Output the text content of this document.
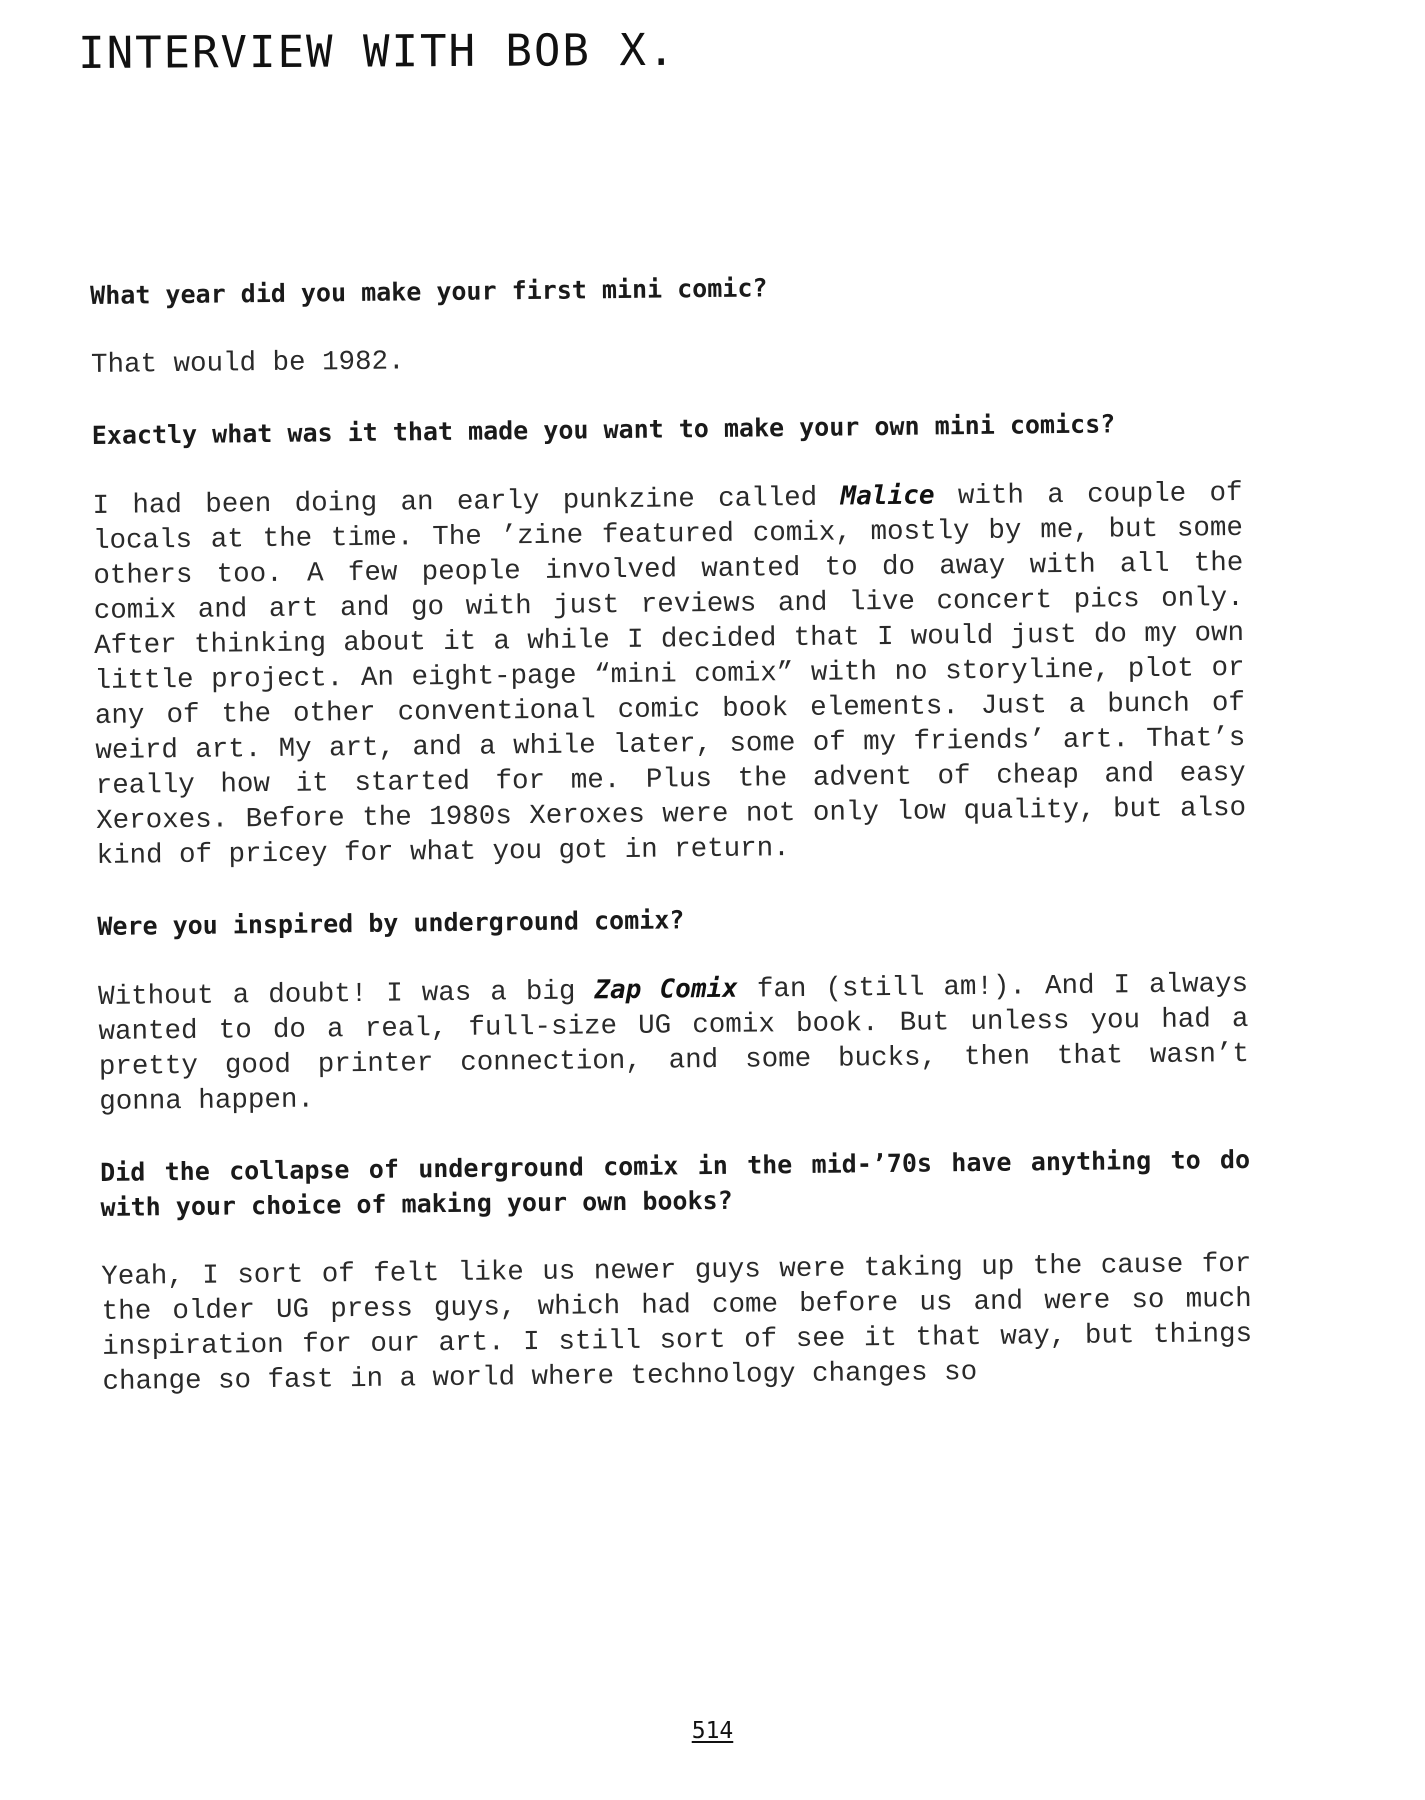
INTERVIEW WITH BOB X.

What year did you make your first mini comic?

That would be 1982.

Exactly what was it that made you want to make your own mini comics?

I had been doing an early punkzine called Malice with a couple of locals at the time. The ’zine featured comix, mostly by me, but some others too. A few people involved wanted to do away with all the comix and art and go with just reviews and live concert pics only. After thinking about it a while I decided that I would just do my own little project. An eight-page “mini comix” with no storyline, plot or any of the other conventional comic book elements. Just a bunch of weird art. My art, and a while later, some of my friends’ art. That’s really how it started for me. Plus the advent of cheap and easy Xeroxes. Before the 1980s Xeroxes were not only low quality, but also kind of pricey for what you got in return.

Were you inspired by underground comix?

Without a doubt! I was a big Zap Comix fan (still am!). And I always wanted to do a real, full-size UG comix book. But unless you had a pretty good printer connection, and some bucks, then that wasn’t gonna happen.

Did the collapse of underground comix in the mid-’70s have anything to do with your choice of making your own books?

Yeah, I sort of felt like us newer guys were taking up the cause for the older UG press guys, which had come before us and were so much inspiration for our art. I still sort of see it that way, but things change so fast in a world where technology changes so

514
